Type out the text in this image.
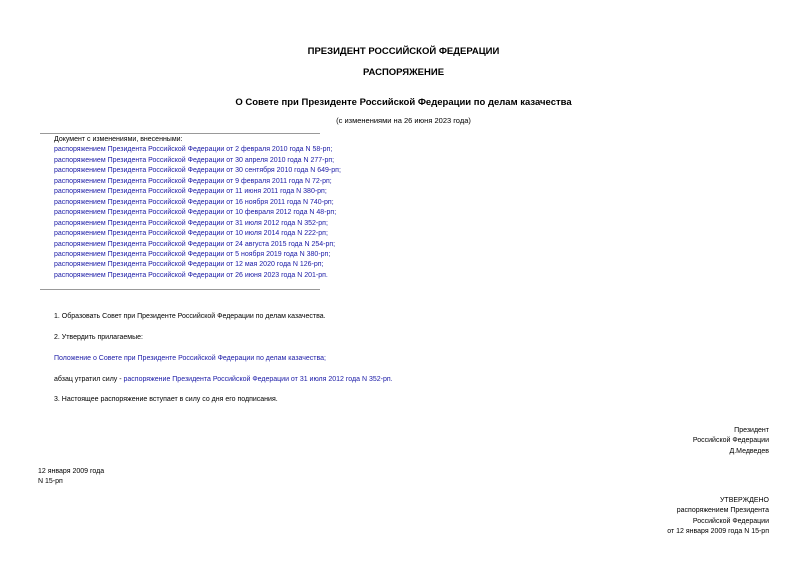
ПРЕЗИДЕНТ РОССИЙСКОЙ ФЕДЕРАЦИИ
РАСПОРЯЖЕНИЕ
О Совете при Президенте Российской Федерации по делам казачества
(с изменениями на 26 июня 2023 года)
Документ с изменениями, внесенными:
распоряжением Президента Российской Федерации от 2 февраля 2010 года N 58-рп;
распоряжением Президента Российской Федерации от 30 апреля 2010 года N 277-рп;
распоряжением Президента Российской Федерации от 30 сентября 2010 года N 649-рп;
распоряжением Президента Российской Федерации от 9 февраля 2011 года N 72-рп;
распоряжением Президента Российской Федерации от 11 июня 2011 года N 380-рп;
распоряжением Президента Российской Федерации от 16 ноября 2011 года N 740-рп;
распоряжением Президента Российской Федерации от 10 февраля 2012 года N 48-рп;
распоряжением Президента Российской Федерации от 31 июля 2012 года N 352-рп;
распоряжением Президента Российской Федерации от 10 июля 2014 года N 222-рп;
распоряжением Президента Российской Федерации от 24 августа 2015 года N 254-рп;
распоряжением Президента Российской Федерации от 5 ноября 2019 года N 380-рп;
распоряжением Президента Российской Федерации от 12 мая 2020 года N 126-рп;
распоряжением Президента Российской Федерации от 26 июня 2023 года N 201-рп.
1. Образовать Совет при Президенте Российской Федерации по делам казачества.
2. Утвердить прилагаемые:
Положение о Совете при Президенте Российской Федерации по делам казачества;
абзац утратил силу - распоряжение Президента Российской Федерации от 31 июля 2012 года N 352-рп.
3. Настоящее распоряжение вступает в силу со дня его подписания.
Президент
Российской Федерации
Д.Медведев
12 января 2009 года
N 15-рп
УТВЕРЖДЕНО
распоряжением Президента
Российской Федерации
от 12 января 2009 года N 15-рп
